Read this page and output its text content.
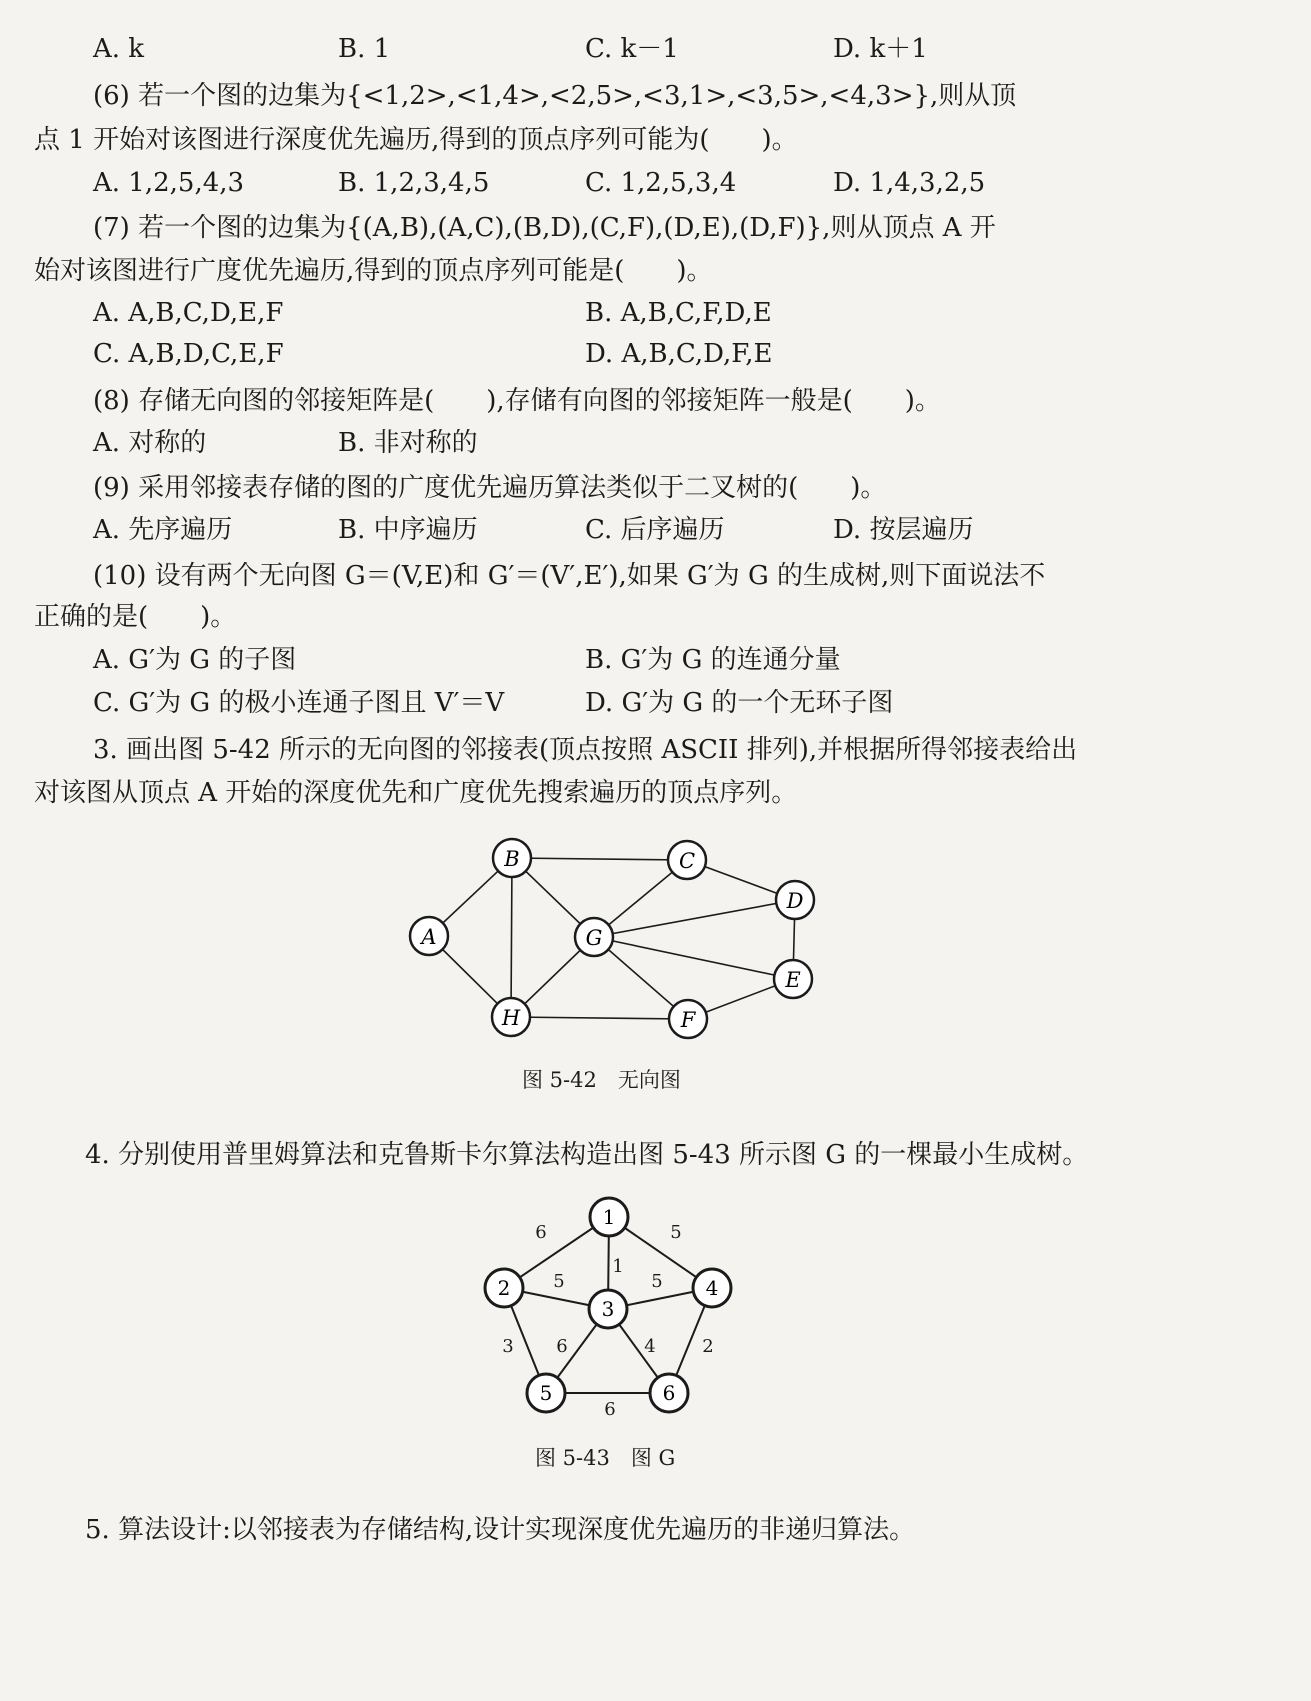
A. k	B. 1	C. k－1	D. k＋1
(6) 若一个图的边集为{<1,2>,<1,4>,<2,5>,<3,1>,<3,5>,<4,3>},则从顶
点 1 开始对该图进行深度优先遍历,得到的顶点序列可能为(　　)。
A. 1,2,5,4,3	B. 1,2,3,4,5	C. 1,2,5,3,4	D. 1,4,3,2,5
(7) 若一个图的边集为{(A,B),(A,C),(B,D),(C,F),(D,E),(D,F)},则从顶点 A 开
始对该图进行广度优先遍历,得到的顶点序列可能是(　　)。
A. A,B,C,D,E,F	B. A,B,C,F,D,E
C. A,B,D,C,E,F	D. A,B,C,D,F,E
(8) 存储无向图的邻接矩阵是(　　),存储有向图的邻接矩阵一般是(　　)。
A. 对称的	B. 非对称的
(9) 采用邻接表存储的图的广度优先遍历算法类似于二叉树的(　　)。
A. 先序遍历	B. 中序遍历	C. 后序遍历	D. 按层遍历
(10) 设有两个无向图 G＝(V,E)和 G′＝(V′,E′),如果 G′为 G 的生成树,则下面说法不
正确的是(　　)。
A. G′为 G 的子图	B. G′为 G 的连通分量
C. G′为 G 的极小连通子图且 V′＝V	D. G′为 G 的一个无环子图
3. 画出图 5-42 所示的无向图的邻接表(顶点按照 ASCII 排列),并根据所得邻接表给出
对该图从顶点 A 开始的深度优先和广度优先搜索遍历的顶点序列。
A
B	C
D
E
F
G
H
图 5-42　无向图
4. 分别使用普里姆算法和克鲁斯卡尔算法构造出图 5-43 所示图 G 的一棵最小生成树。
6	5
1
5	5
3 6	4	2
6
1
2
3
4
5	6
图 5-43　图 G
5. 算法设计:以邻接表为存储结构,设计实现深度优先遍历的非递归算法。
